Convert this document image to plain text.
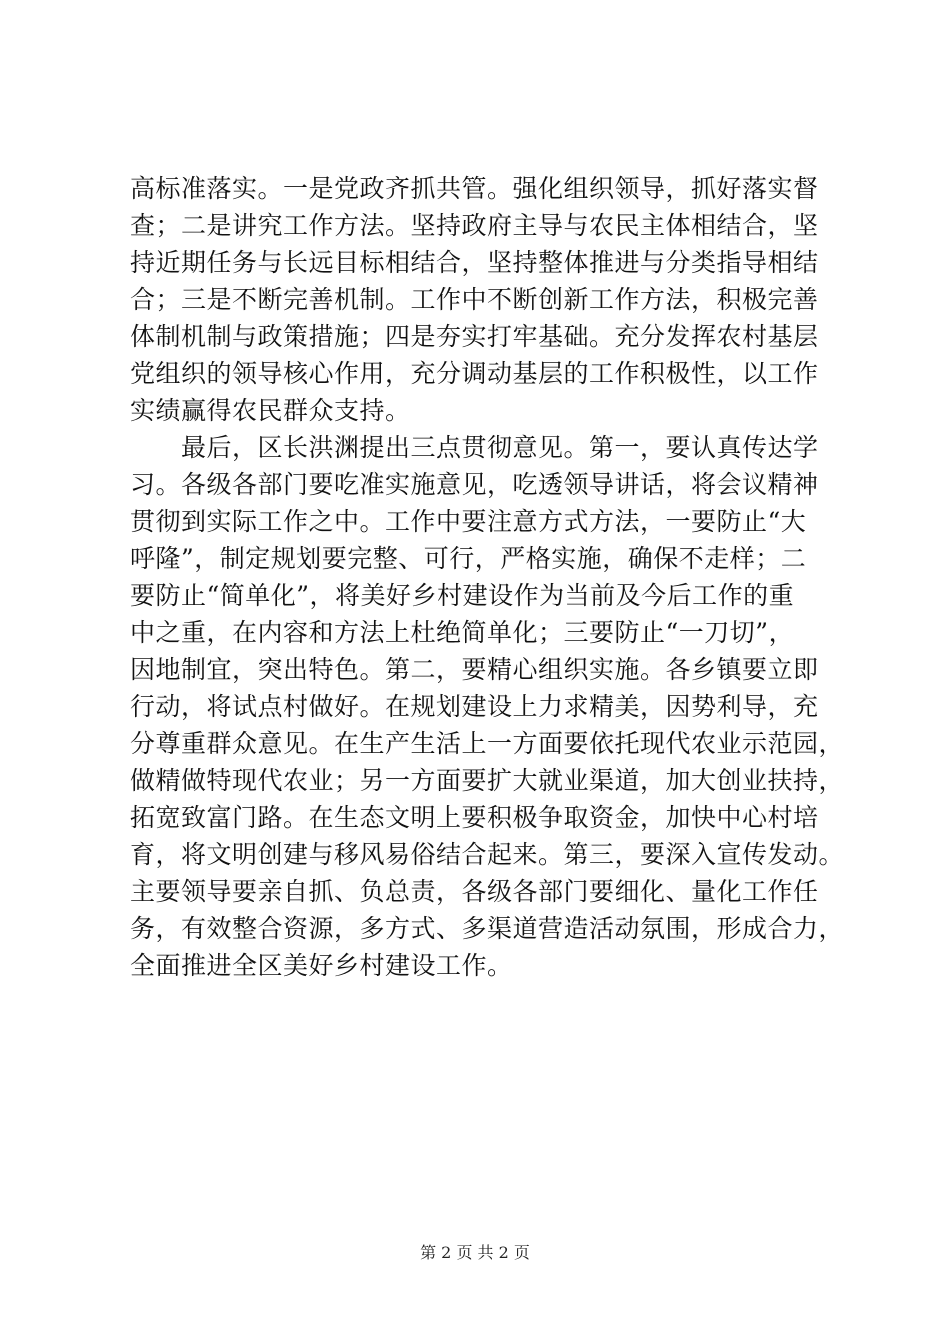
高标准落实。一是党政齐抓共管。强化组织领导，抓好落实督
查；二是讲究工作方法。坚持政府主导与农民主体相结合，坚
持近期任务与长远目标相结合，坚持整体推进与分类指导相结
合；三是不断完善机制。工作中不断创新工作方法，积极完善
体制机制与政策措施；四是夯实打牢基础。充分发挥农村基层
党组织的领导核心作用，充分调动基层的工作积极性，以工作
实绩赢得农民群众支持。
　　最后，区长洪渊提出三点贯彻意见。第一，要认真传达学
习。各级各部门要吃准实施意见，吃透领导讲话，将会议精神
贯彻到实际工作之中。工作中要注意方式方法，一要防止“大
呼隆”，制定规划要完整、可行，严格实施，确保不走样；二
要防止“简单化”，将美好乡村建设作为当前及今后工作的重
中之重，在内容和方法上杜绝简单化；三要防止“一刀切”，
因地制宜，突出特色。第二，要精心组织实施。各乡镇要立即
行动，将试点村做好。在规划建设上力求精美，因势利导，充
分尊重群众意见。在生产生活上一方面要依托现代农业示范园，
做精做特现代农业；另一方面要扩大就业渠道，加大创业扶持，
拓宽致富门路。在生态文明上要积极争取资金，加快中心村培
育，将文明创建与移风易俗结合起来。第三，要深入宣传发动。
主要领导要亲自抓、负总责，各级各部门要细化、量化工作任
务，有效整合资源，多方式、多渠道营造活动氛围，形成合力，
全面推进全区美好乡村建设工作。
第 2 页 共 2 页
